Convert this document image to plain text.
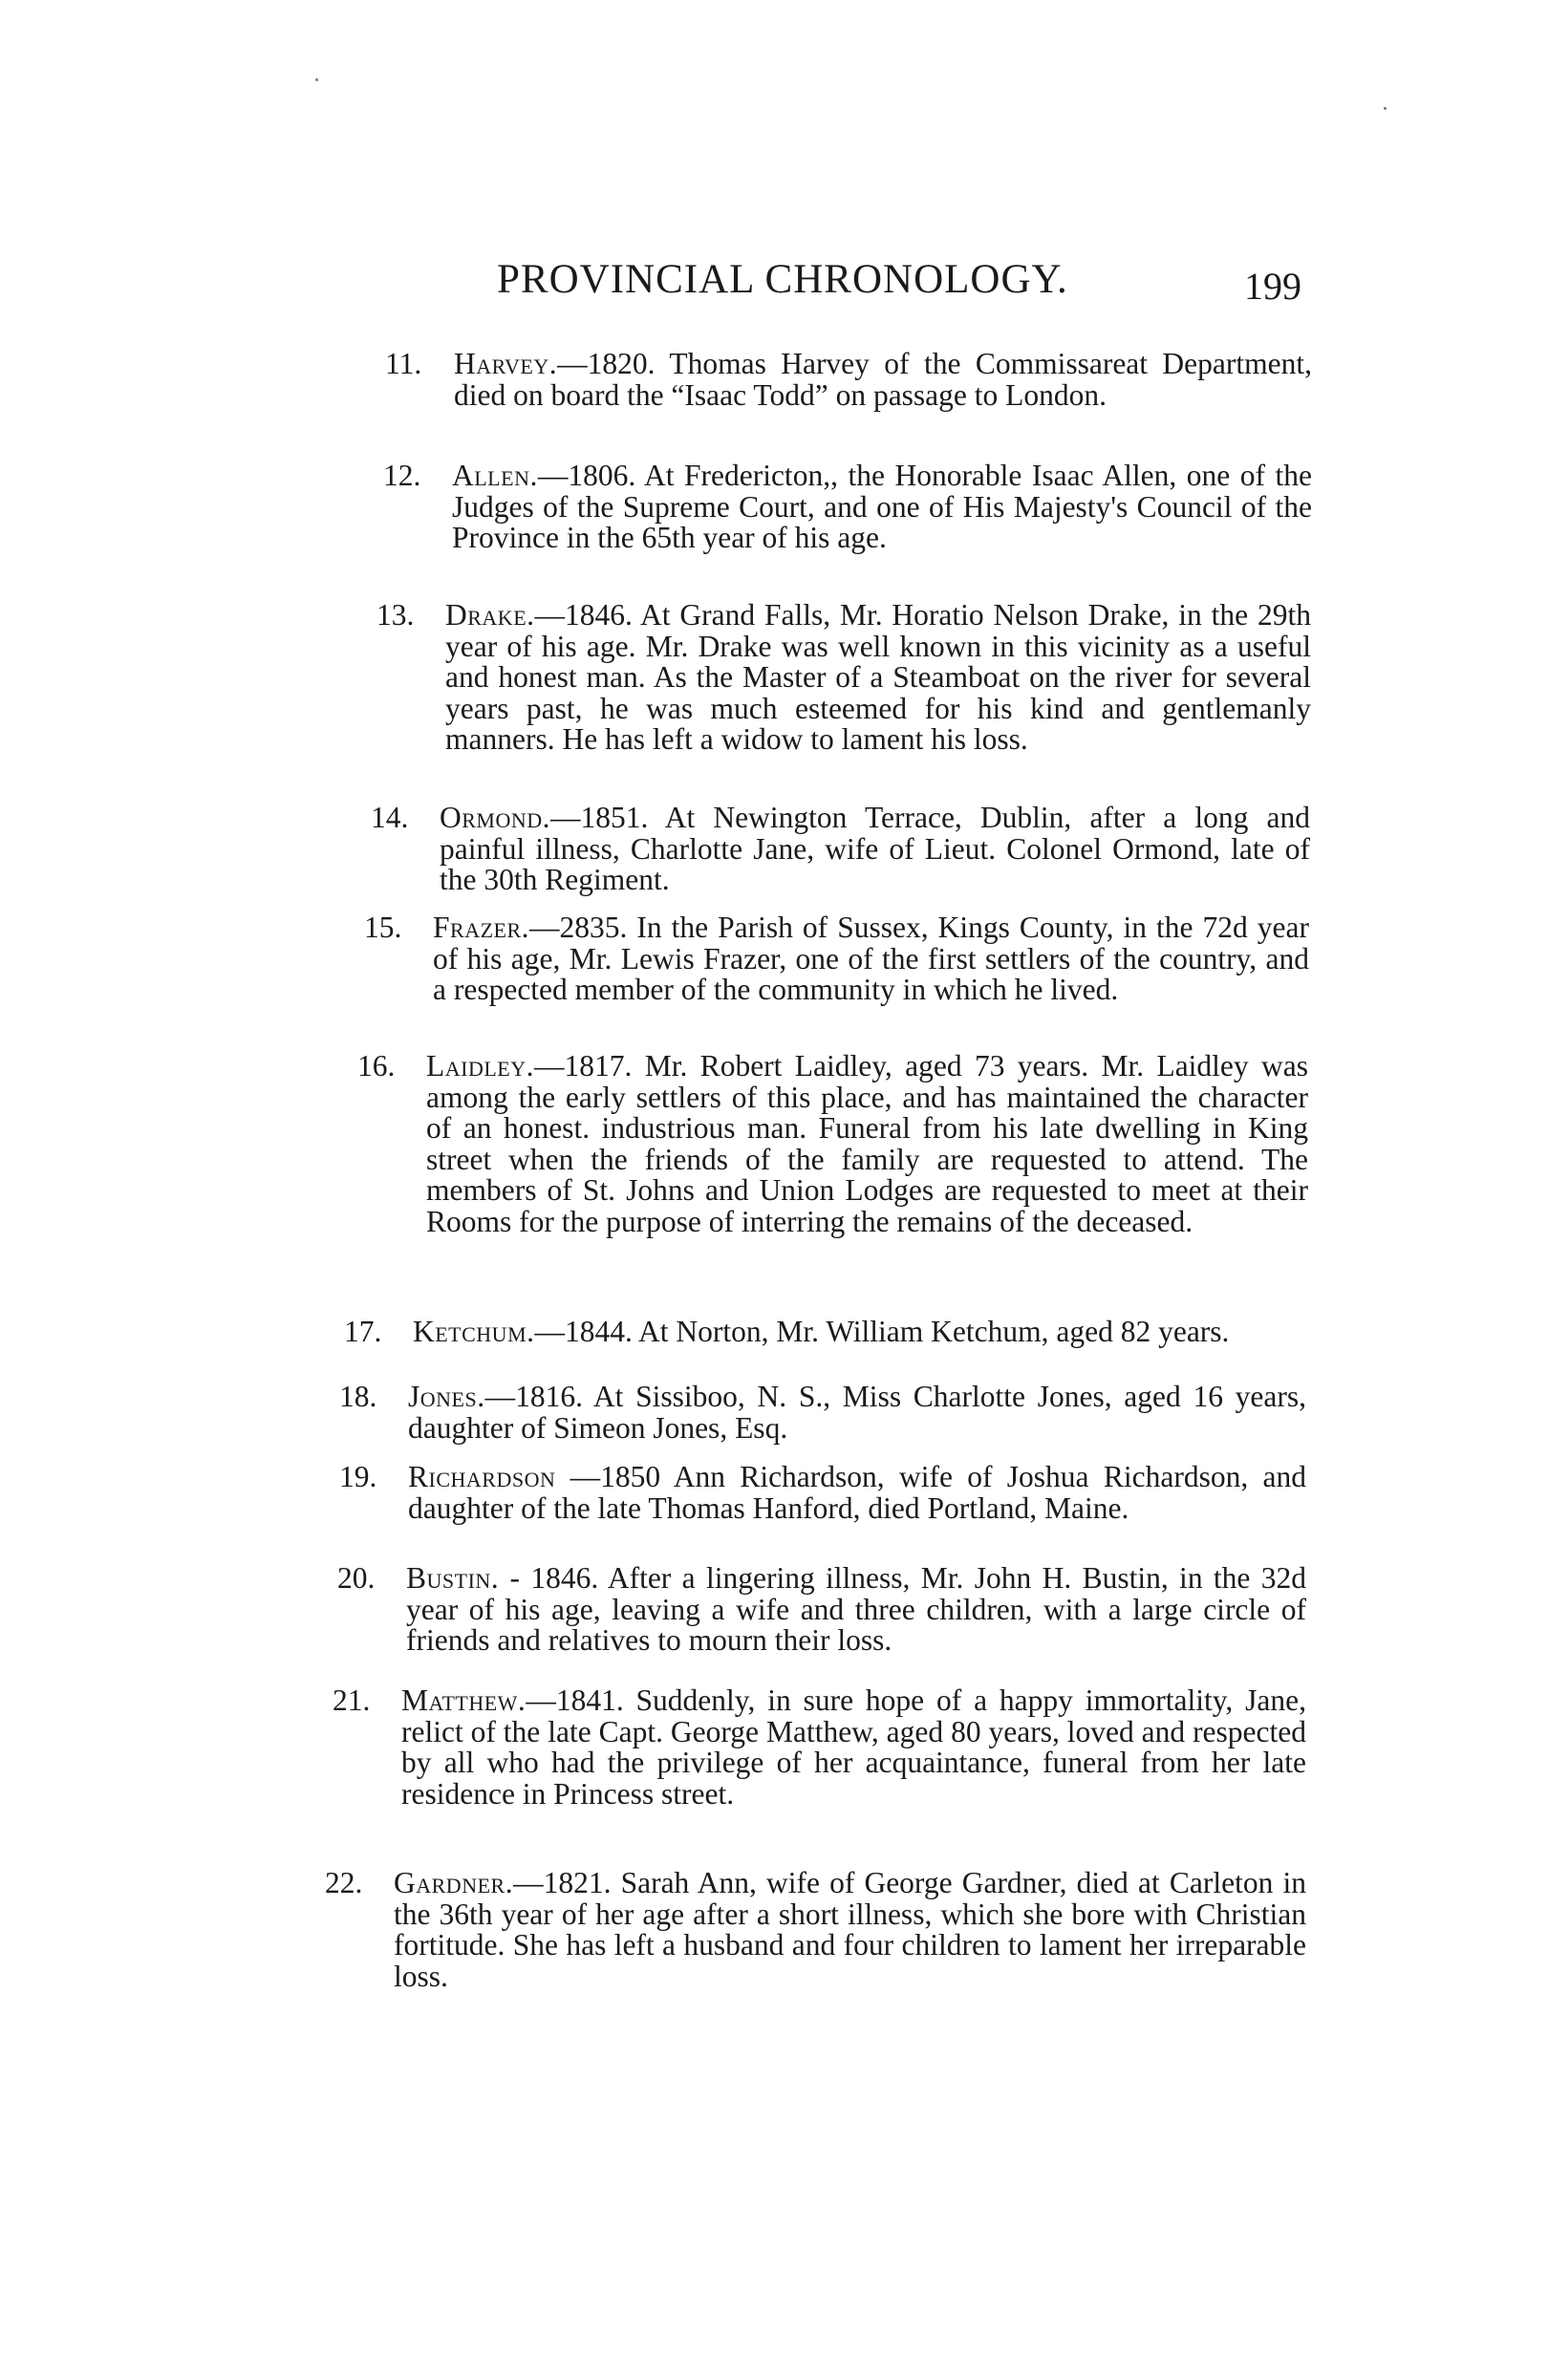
PROVINCIAL CHRONOLOGY.	199
11. Harvey.—1820. Thomas Harvey of the Commissareat Department, died on board the “Isaac Todd” on passage to London.
12. Allen.—1806. At Fredericton,, the Honorable Isaac Allen, one of the Judges of the Supreme Court, and one of His Majesty's Council of the Province in the 65th year of his age.
13. Drake.—1846. At Grand Falls, Mr. Horatio Nelson Drake, in the 29th year of his age. Mr. Drake was well known in this vicinity as a useful and honest man. As the Master of a Steamboat on the river for several years past, he was much esteemed for his kind and gentlemanly manners. He has left a widow to lament his loss.
14. Ormond.—1851. At Newington Terrace, Dublin, after a long and painful illness, Charlotte Jane, wife of Lieut. Colonel Ormond, late of the 30th Regiment.
15. Frazer.—2835. In the Parish of Sussex, Kings County, in the 72d year of his age, Mr. Lewis Frazer, one of the first settlers of the country, and a respected member of the community in which he lived.
16. Laidley.—1817. Mr. Robert Laidley, aged 73 years. Mr. Laidley was among the early settlers of this place, and has maintained the character of an honest. industrious man. Funeral from his late dwelling in King street when the friends of the family are requested to attend. The members of St. Johns and Union Lodges are requested to meet at their Rooms for the purpose of interring the remains of the deceased.
17. Ketchum.—1844. At Norton, Mr. William Ketchum, aged 82 years.
18. Jones.—1816. At Sissiboo, N. S., Miss Charlotte Jones, aged 16 years, daughter of Simeon Jones, Esq.
19. Richardson —1850 Ann Richardson, wife of Joshua Richardson, and daughter of the late Thomas Hanford, died Portland, Maine.
20. Bustin. - 1846. After a lingering illness, Mr. John H. Bustin, in the 32d year of his age, leaving a wife and three children, with a large circle of friends and relatives to mourn their loss.
21. Matthew.—1841. Suddenly, in sure hope of a happy immortality, Jane, relict of the late Capt. George Matthew, aged 80 years, loved and respected by all who had the privilege of her acquaintance, funeral from her late residence in Princess street.
22. Gardner.—1821. Sarah Ann, wife of George Gardner, died at Carleton in the 36th year of her age after a short illness, which she bore with Christian fortitude. She has left a husband and four children to lament her irreparable loss.
